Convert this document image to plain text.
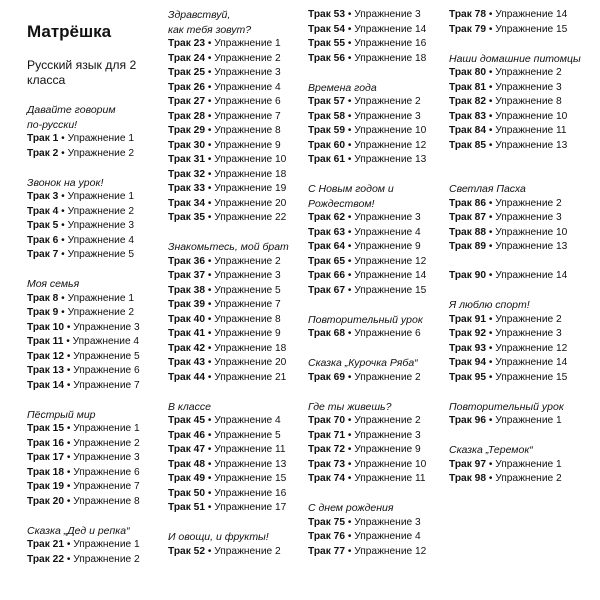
Матрёшка
Русский язык для 2
класса
Давайте говорим
по-русски!
Трак 1 • Упражнение 1
Трак 2 • Упражнение 2
Звонок на урок!
Трак 3 • Упражнение 1
Трак 4 • Упражнение 2
Трак 5 • Упражнение 3
Трак 6 • Упражнение 4
Трак 7 • Упражнение 5
Моя семья
Трак 8 • Упражнение 1
Трак 9 • Упражнение 2
Трак 10 • Упражнение 3
Трак 11 • Упражнение 4
Трак 12 • Упражнение 5
Трак 13 • Упражнение 6
Трак 14 • Упражнение 7
Пёстрый мир
Трак 15 • Упражнение 1
Трак 16 • Упражнение 2
Трак 17 • Упражнение 3
Трак 18 • Упражнение 6
Трак 19 • Упражнение 7
Трак 20 • Упражнение 8
Сказка „Дед и репка“
Трак 21 • Упражнение 1
Трак 22 • Упражнение 2
Здравствуй,
как тебя зовут?
Трак 23 • Упражнение 1
Трак 24 • Упражнение 2
Трак 25 • Упражнение 3
Трак 26 • Упражнение 4
Трак 27 • Упражнение 6
Трак 28 • Упражнение 7
Трак 29 • Упражнение 8
Трак 30 • Упражнение 9
Трак 31 • Упражнение 10
Трак 32 • Упражнение 18
Трак 33 • Упражнение 19
Трак 34 • Упражнение 20
Трак 35 • Упражнение 22
Знакомьтесь, мой брат
Трак 36 • Упражнение 2
Трак 37 • Упражнение 3
Трак 38 • Упражнение 5
Трак 39 • Упражнение 7
Трак 40 • Упражнение 8
Трак 41 • Упражнение 9
Трак 42 • Упражнение 18
Трак 43 • Упражнение 20
Трак 44 • Упражнение 21
В классе
Трак 45 • Упражнение 4
Трак 46 • Упражнение 5
Трак 47 • Упражнение 11
Трак 48 • Упражнение 13
Трак 49 • Упражнение 15
Трак 50 • Упражнение 16
Трак 51 • Упражнение 17
И овощи, и фрукты!
Трак 52 • Упражнение 2
Трак 53 • Упражнение 3
Трак 54 • Упражнение 14
Трак 55 • Упражнение 16
Трак 56 • Упражнение 18
Времена года
Трак 57 • Упражнение 2
Трак 58 • Упражнение 3
Трак 59 • Упражнение 10
Трак 60 • Упражнение 12
Трак 61 • Упражнение 13
С Новым годом и
Рождеством!
Трак 62 • Упражнение 3
Трак 63 • Упражнение 4
Трак 64 • Упражнение 9
Трак 65 • Упражнение 12
Трак 66 • Упражнение 14
Трак 67 • Упражнение 15
Повторительный урок
Трак 68 • Упражнение 6
Сказка „Курочка Ряба“
Трак 69 • Упражнение 2
Где ты живешь?
Трак 70 • Упражнение 2
Трак 71 • Упражнение 3
Трак 72 • Упражнение 9
Трак 73 • Упражнение 10
Трак 74 • Упражнение 11
С днем рождения
Трак 75 • Упражнение 3
Трак 76 • Упражнение 4
Трак 77 • Упражнение 12
Трак 78 • Упражнение 14
Трак 79 • Упражнение 15
Наши домашние питомцы
Трак 80 • Упражнение 2
Трак 81 • Упражнение 3
Трак 82 • Упражнение 8
Трак 83 • Упражнение 10
Трак 84 • Упражнение 11
Трак 85 • Упражнение 13
Светлая Пасха
Трак 86 • Упражнение 2
Трак 87 • Упражнение 3
Трак 88 • Упражнение 10
Трак 89 • Упражнение 13
Трак 90 • Упражнение 14
Я люблю спорт!
Трак 91 • Упражнение 2
Трак 92 • Упражнение 3
Трак 93 • Упражнение 12
Трак 94 • Упражнение 14
Трак 95 • Упражнение 15
Повторительный урок
Трак 96 • Упражнение 1
Сказка „Теремок“
Трак 97 • Упражнение 1
Трак 98 • Упражнение 2
